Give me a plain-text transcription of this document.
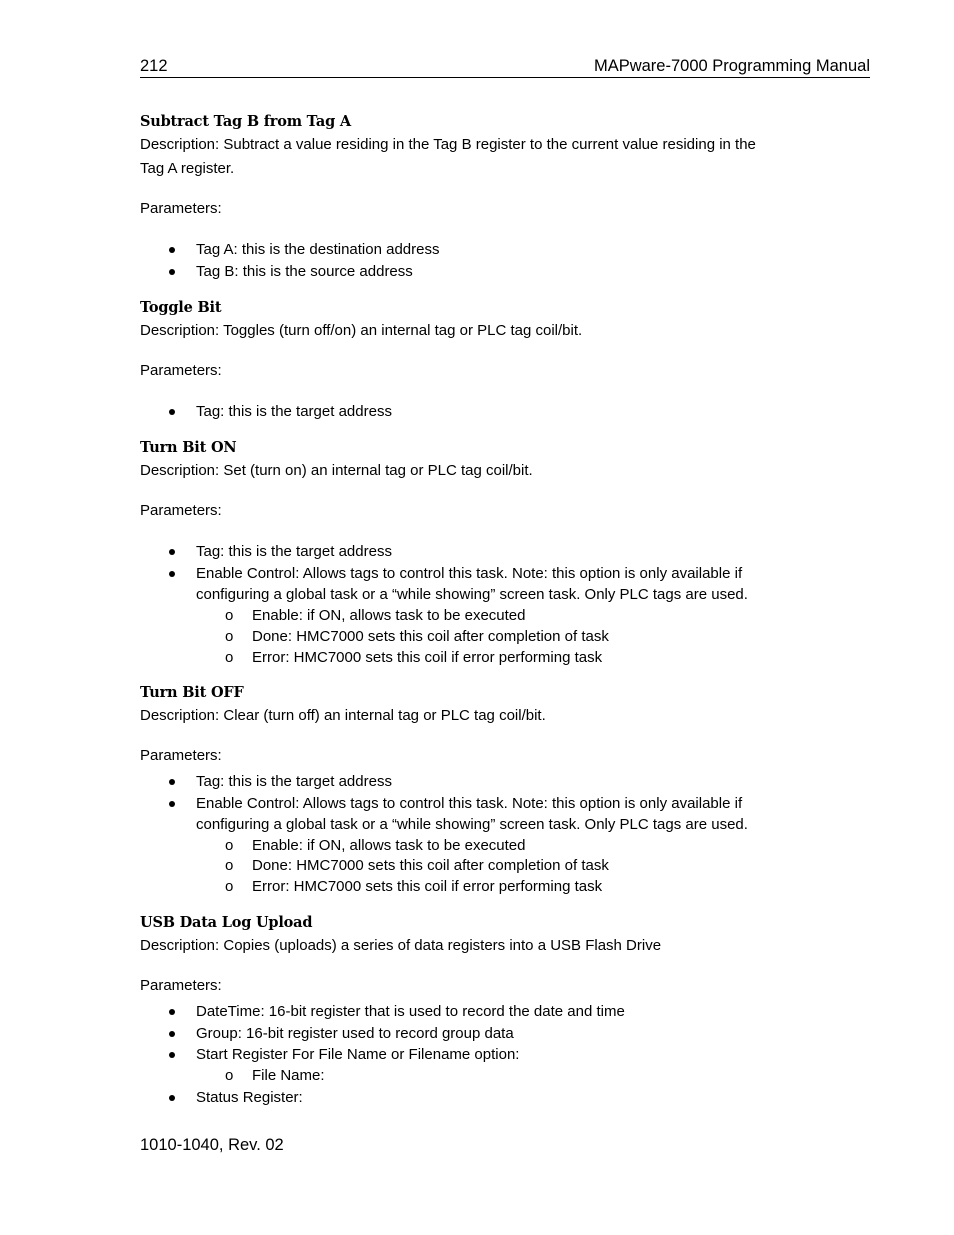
212	MAPware-7000 Programming Manual
Subtract Tag B from Tag A
Description: Subtract a value residing in the Tag B register to the current value residing in the
Tag A register.
Parameters:
Tag A: this is the destination address
Tag B: this is the source address
Toggle Bit
Description: Toggles (turn off/on) an internal tag or PLC tag coil/bit.
Parameters:
Tag: this is the target address
Turn Bit ON
Description: Set (turn on) an internal tag or PLC tag coil/bit.
Parameters:
Tag: this is the target address
Enable Control: Allows tags to control this task. Note: this option is only available if
configuring a global task or a “while showing” screen task. Only PLC tags are used.
o Enable: if ON, allows task to be executed
o Done: HMC7000 sets this coil after completion of task
o Error: HMC7000 sets this coil if error performing task
Turn Bit OFF
Description: Clear (turn off) an internal tag or PLC tag coil/bit.
Parameters:
Tag: this is the target address
Enable Control: Allows tags to control this task. Note: this option is only available if
configuring a global task or a “while showing” screen task. Only PLC tags are used.
o Enable: if ON, allows task to be executed
o Done: HMC7000 sets this coil after completion of task
o Error: HMC7000 sets this coil if error performing task
USB Data Log Upload
Description: Copies (uploads) a series of data registers into a USB Flash Drive
Parameters:
DateTime: 16-bit register that is used to record the date and time
Group: 16-bit register used to record group data
Start Register For File Name or Filename option:
o File Name:
Status Register:
1010-1040, Rev. 02
